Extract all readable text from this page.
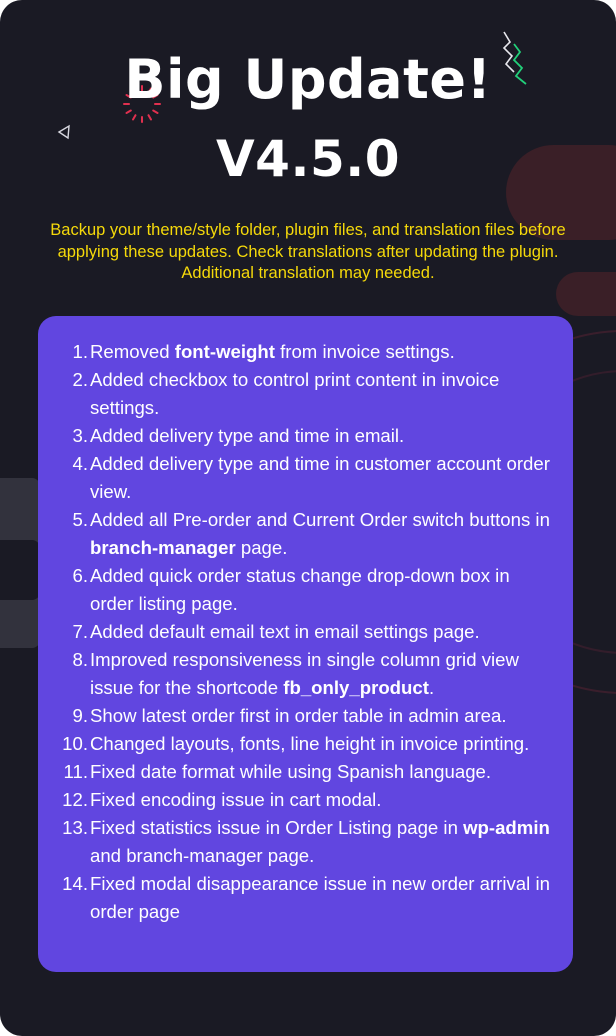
Big Update!
V4.5.0
Backup your theme/style folder, plugin files, and translation files before applying these updates. Check translations after updating the plugin. Additional translation may needed.
1. Removed font-weight from invoice settings.
2. Added checkbox to control print content in invoice settings.
3. Added delivery type and time in email.
4. Added delivery type and time in customer account order view.
5. Added all Pre-order and Current Order switch buttons in branch-manager page.
6. Added quick order status change drop-down box in order listing page.
7. Added default email text in email settings page.
8. Improved responsiveness in single column grid view issue for the shortcode fb_only_product.
9. Show latest order first in order table in admin area.
10. Changed layouts, fonts, line height in invoice printing.
11. Fixed date format while using Spanish language.
12. Fixed encoding issue in cart modal.
13. Fixed statistics issue in Order Listing page in wp-admin and branch-manager page.
14. Fixed modal disappearance issue in new order arrival in order page
